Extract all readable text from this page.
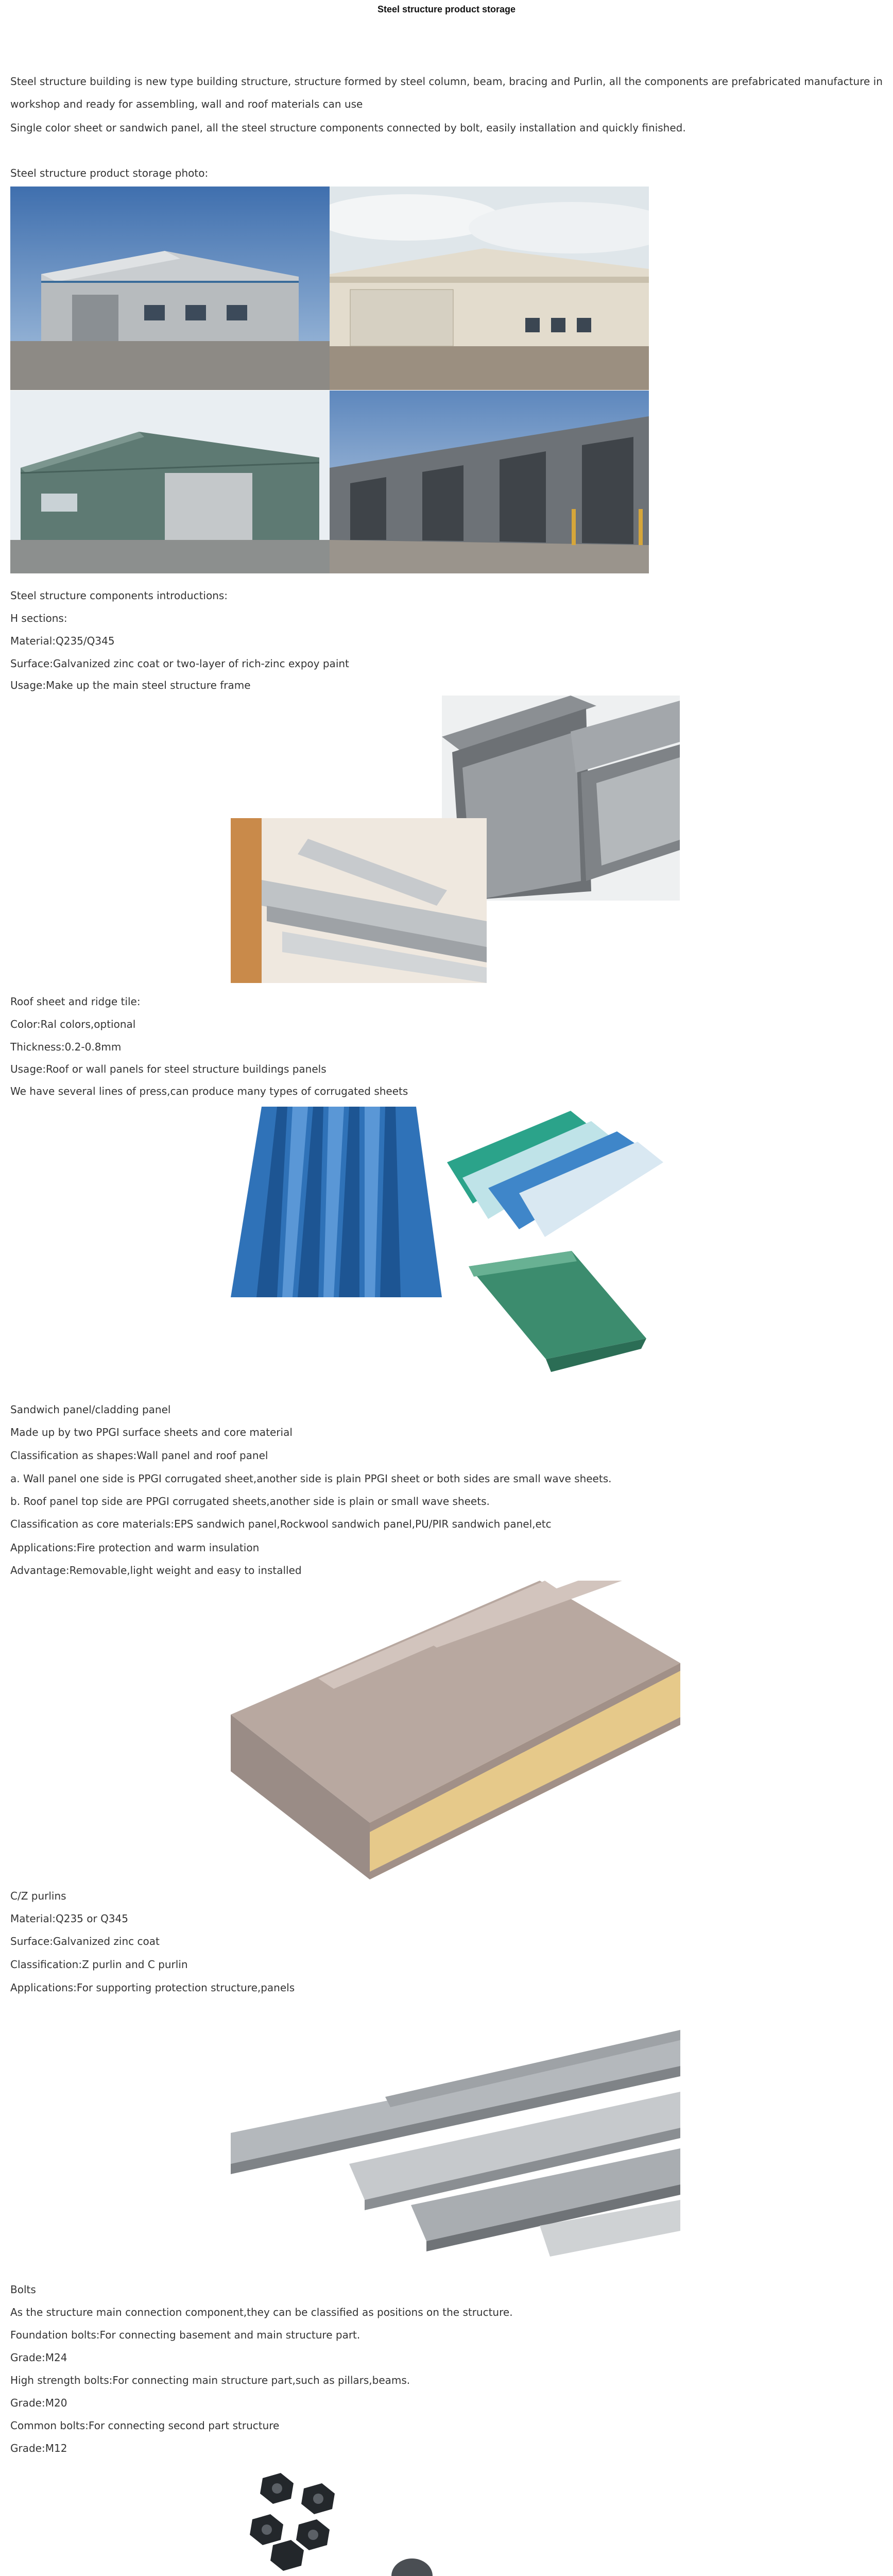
Steel structure product storage
Steel structure building is new type building structure, structure formed by steel column, beam, bracing and Purlin, all the components are prefabricated manufacture in
workshop and ready for assembling, wall and roof materials can use
Single color sheet or sandwich panel, all the steel structure components connected by bolt, easily installation and quickly finished.
Steel structure product storage photo:
Steel structure components introductions:
H sections:
Material:Q235/Q345
Surface:Galvanized zinc coat or two-layer of rich-zinc expoy paint
Usage:Make up the main steel structure frame
Roof sheet and ridge tile:
Color:Ral colors,optional
Thickness:0.2-0.8mm
Usage:Roof or wall panels for steel structure buildings panels
We have several lines of press,can produce many types of corrugated sheets
Sandwich panel/cladding panel
Made up by two PPGI surface sheets and core material
Classification as shapes:Wall panel and roof panel
a. Wall panel one side is PPGI corrugated sheet,another side is plain PPGI sheet or both sides are small wave sheets.
b. Roof panel top side are PPGI corrugated sheets,another side is plain or small wave sheets.
Classification as core materials:EPS sandwich panel,Rockwool sandwich panel,PU/PIR sandwich panel,etc
Applications:Fire protection and warm insulation
Advantage:Removable,light weight and easy to installed
C/Z purlins
Material:Q235 or Q345
Surface:Galvanized zinc coat
Classification:Z purlin and C purlin
Applications:For supporting protection structure,panels
Bolts
As the structure main connection component,they can be classified as positions on the structure.
Foundation bolts:For connecting basement and main structure part.
Grade:M24
High strength bolts:For connecting main structure part,such as pillars,beams.
Grade:M20
Common bolts:For connecting second part structure
Grade:M12
